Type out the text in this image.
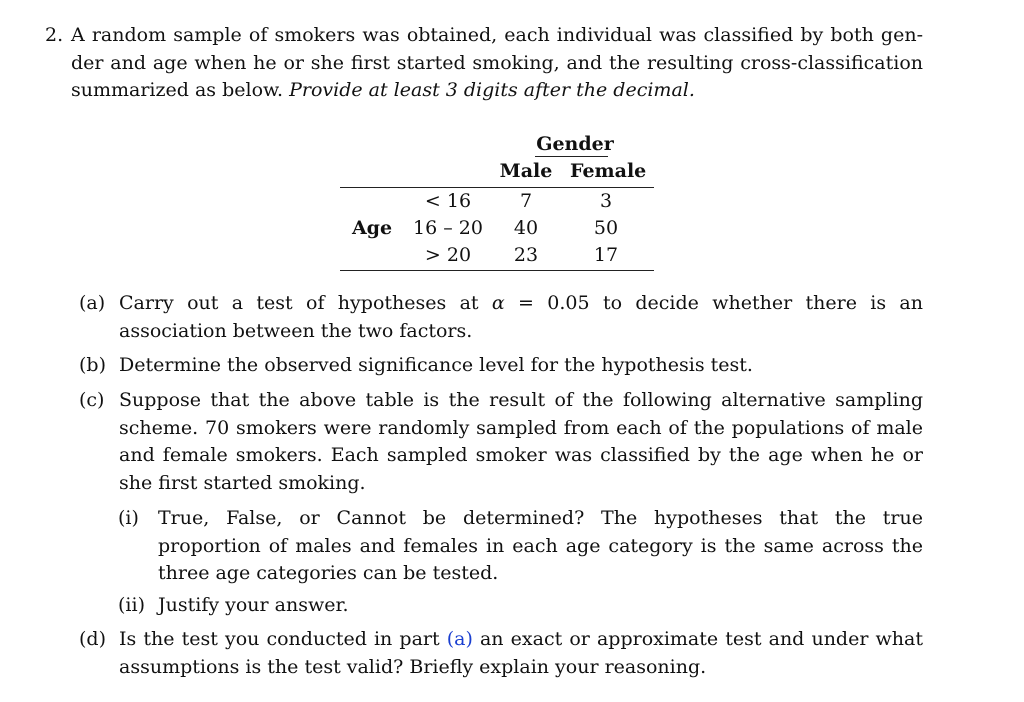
2. A random sample of smokers was obtained, each individual was classified by both gen-der and age when he or she first started smoking, and the resulting cross-classification summarized as below. Provide at least 3 digits after the decimal.
Gender
Male Female
Age
< 16	7	3
16 – 20	40	50
> 20	23	17
(a) Carry out a test of hypotheses at α = 0.05 to decide whether there is an association between the two factors.
(b) Determine the observed significance level for the hypothesis test.
(c) Suppose that the above table is the result of the following alternative sampling scheme. 70 smokers were randomly sampled from each of the populations of male and female smokers. Each sampled smoker was classified by the age when he or she first started smoking.
(i) True, False, or Cannot be determined? The hypotheses that the true proportion of males and females in each age category is the same across the three age categories can be tested.
(ii) Justify your answer.
(d) Is the test you conducted in part (a) an exact or approximate test and under what assumptions is the test valid? Briefly explain your reasoning.
